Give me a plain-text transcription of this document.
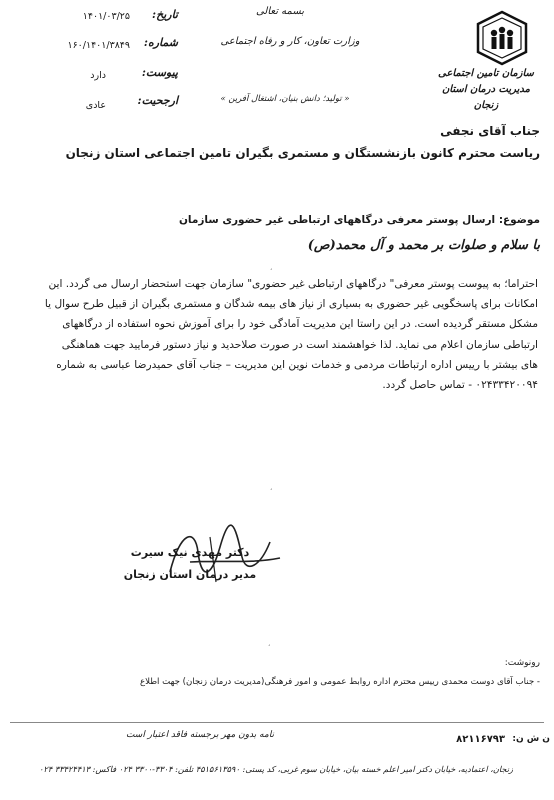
سازمان تامین اجتماعی
مدیریت درمان استان
زنجان
بسمه تعالی
وزارت تعاون، کار و رفاه اجتماعی
« تولید؛ دانش بنیان، اشتغال آفرین »
تاریخ:
۱۴۰۱/۰۳/۲۵
شماره:
۱۶۰/۱۴۰۱/۳۸۴۹
پیوست:
دارد
ارجحیت:
عادی
جناب آقای نجفی
ریاست محترم کانون بازنشستگان و مستمری بگیران تامین اجتماعی استان زنجان
موضوع: ارسال پوستر معرفی درگاههای ارتباطی غیر حضوری سازمان
با سلام و صلوات بر محمد و آل محمد(ص)
،
احتراما؛ به پیوست پوستر معرفی" درگاههای ارتباطی غیر حضوری" سازمان جهت استحضار ارسال می گردد. این
امکانات برای پاسخگویی غیر حضوری به بسیاری از نیاز های بیمه شدگان و مستمری بگیران از قبیل طرح سوال یا
مشکل مستقر گردیده است. در این راستا این مدیریت آمادگی خود را برای آموزش نحوه استفاده از درگاههای
ارتباطی سازمان اعلام می نماید. لذا خواهشمند است در صورت صلاحدید و نیاز دستور فرمایید جهت هماهنگی
های بیشتر با رییس اداره ارتباطات مردمی و خدمات نوین این مدیریت – جناب آقای حمیدرضا عباسی به شماره
۰۲۴۳۳۴۲۰۰۹۴ - تماس حاصل گردد.
دکتر مهدی نیک سیرت
مدیر درمان استان زنجان
،
،
رونوشت:
- جناب آقای دوست محمدی رییس محترم اداره روابط عمومی و امور فرهنگی(مدیریت درمان زنجان) جهت اطلاع
نامه بدون مهر برجسته فاقد اعتبار است	ن ش ن:
۸۲۱۱۶۷۹۳
زنجان، اعتمادیه، خیابان دکتر امیر اعلم خسته بیان، خیابان سوم غربی، کد پستی: ۴۵۱۵۶۱۳۵۹۰ تلفن: ۳۳۰۴-۳۳۰۰ ۰۲۴ فاکس: ۳۳۴۲۴۴۱۳ ۰۲۴
